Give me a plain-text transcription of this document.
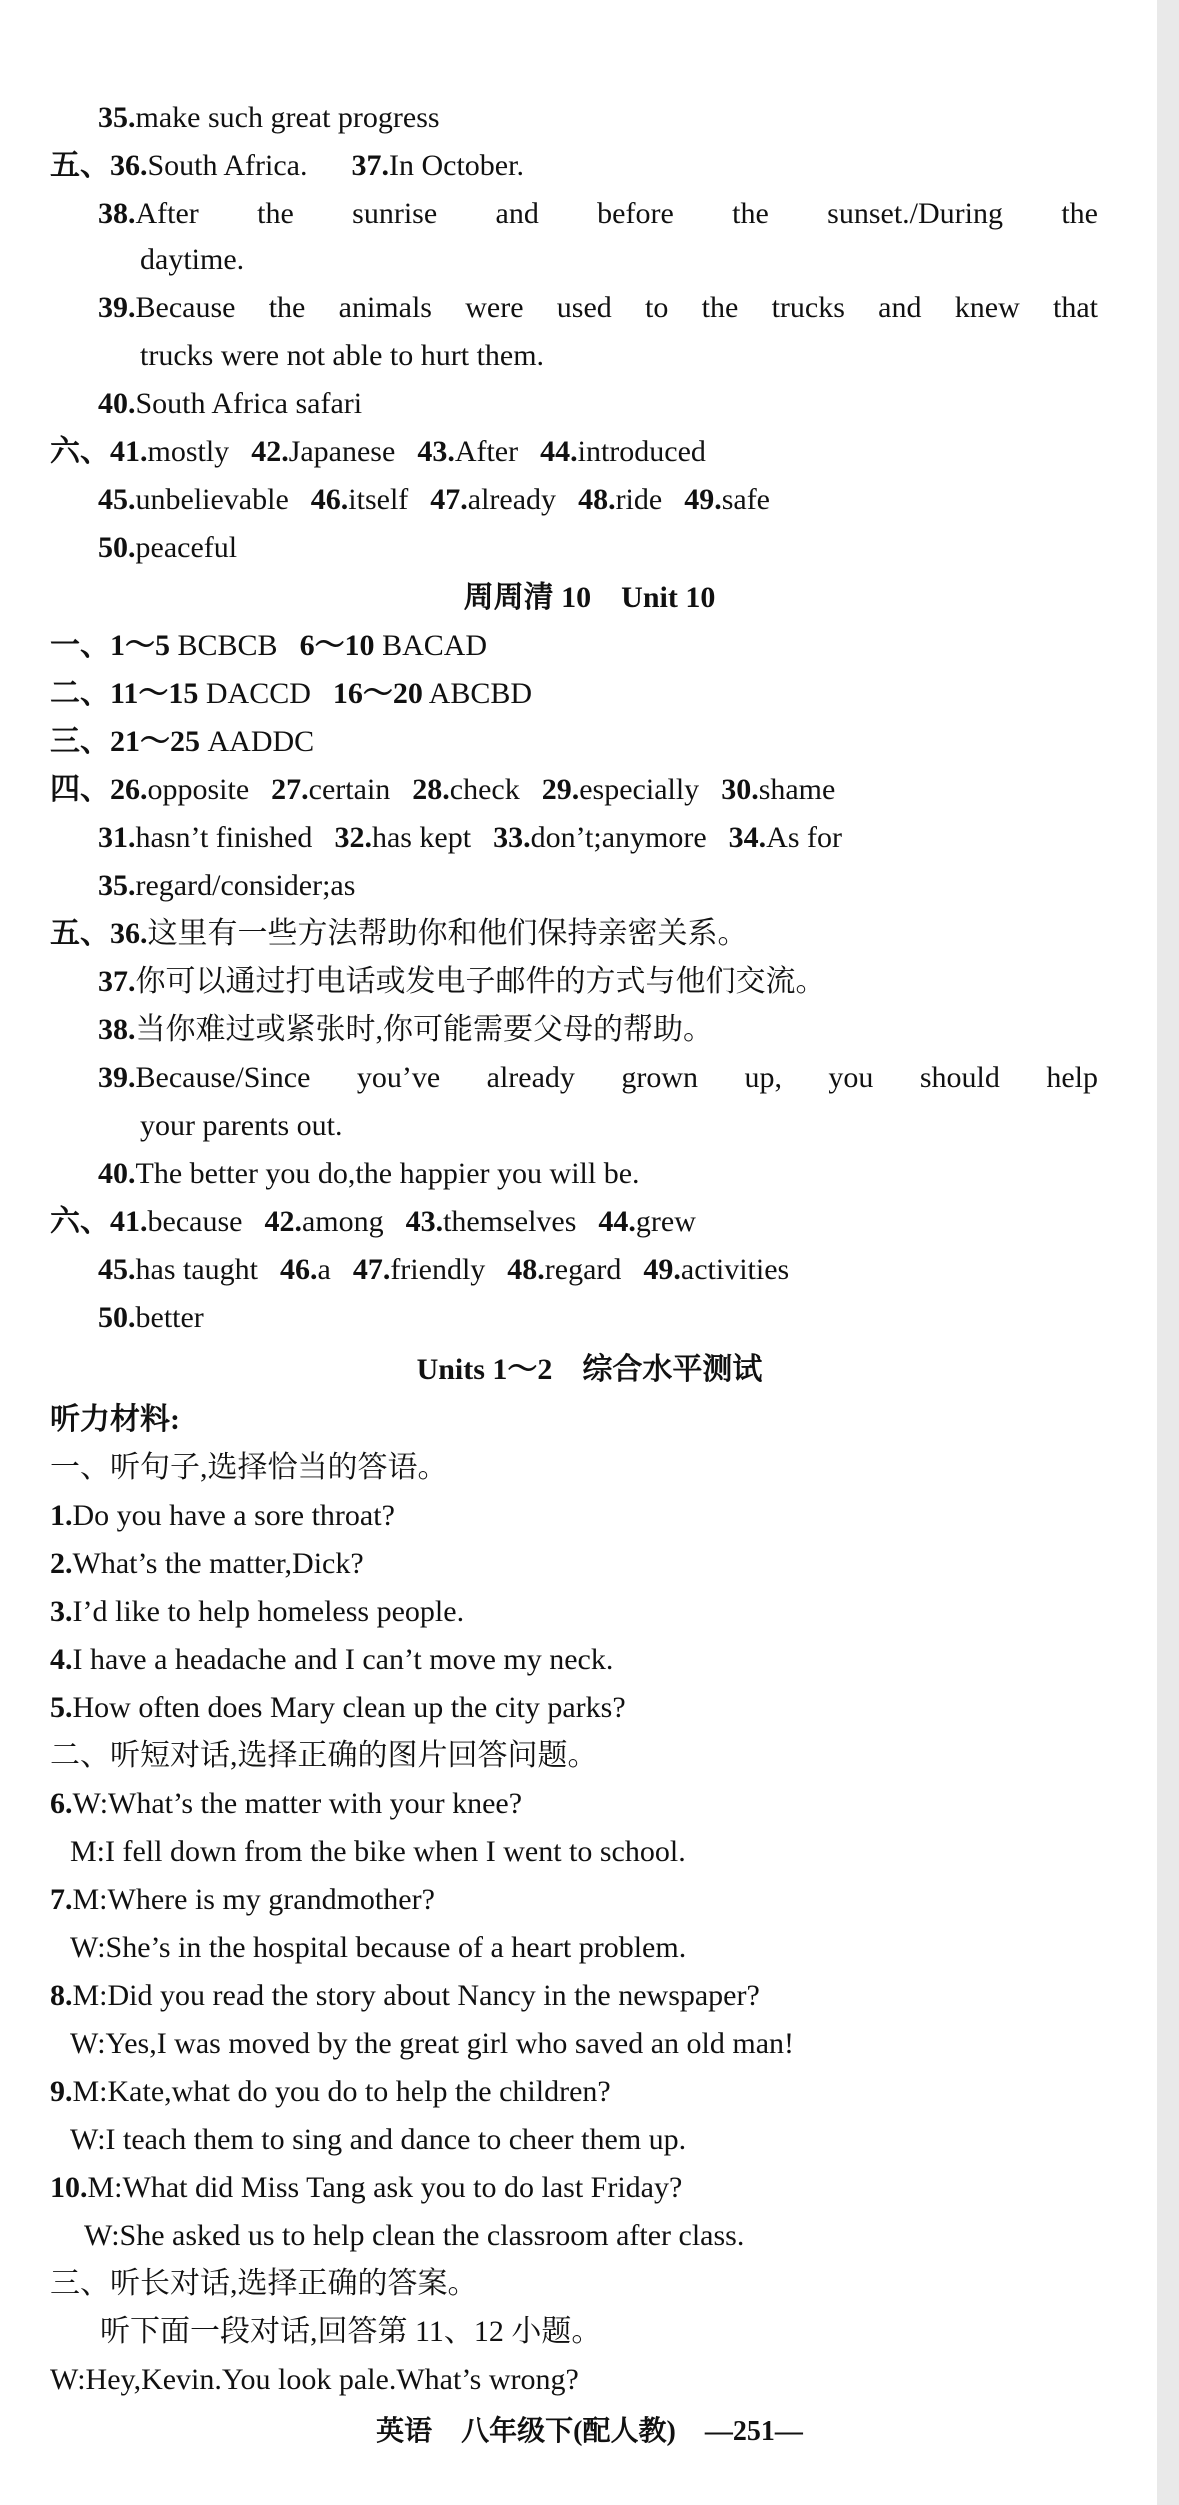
35.make such great progress
五、36.South Africa. 37.In October.
38.After the sunrise and before the sunset./During the
daytime.
39.Because the animals were used to the trucks and knew that
trucks were not able to hurt them.
40.South Africa safari
六、41.mostly 42.Japanese 43.After 44.introduced
45.unbelievable 46.itself 47.already 48.ride 49.safe
50.peaceful
周周清 10　Unit 10
一、1～5 BCBCB 6～10 BACAD
二、11～15 DACCD 16～20 ABCBD
三、21～25 AADDC
四、26.opposite 27.certain 28.check 29.especially 30.shame
31.hasn’t finished 32.has kept 33.don’t;anymore 34.As for
35.regard/consider;as
五、36.这里有一些方法帮助你和他们保持亲密关系。
37.你可以通过打电话或发电子邮件的方式与他们交流。
38.当你难过或紧张时,你可能需要父母的帮助。
39.Because/Since you’ve already grown up, you should help
your parents out.
40.The better you do,the happier you will be.
六、41.because 42.among 43.themselves 44.grew
45.has taught 46.a 47.friendly 48.regard 49.activities
50.better
Units 1～2　综合水平测试
听力材料:
一、听句子,选择恰当的答语。
1.Do you have a sore throat?
2.What’s the matter,Dick?
3.I’d like to help homeless people.
4.I have a headache and I can’t move my neck.
5.How often does Mary clean up the city parks?
二、听短对话,选择正确的图片回答问题。
6.W:What’s the matter with your knee?
M:I fell down from the bike when I went to school.
7.M:Where is my grandmother?
W:She’s in the hospital because of a heart problem.
8.M:Did you read the story about Nancy in the newspaper?
W:Yes,I was moved by the great girl who saved an old man!
9.M:Kate,what do you do to help the children?
W:I teach them to sing and dance to cheer them up.
10.M:What did Miss Tang ask you to do last Friday?
W:She asked us to help clean the classroom after class.
三、听长对话,选择正确的答案。
听下面一段对话,回答第 11、12 小题。
W:Hey,Kevin.You look pale.What’s wrong?
英语 八年级下(配人教) —251—
